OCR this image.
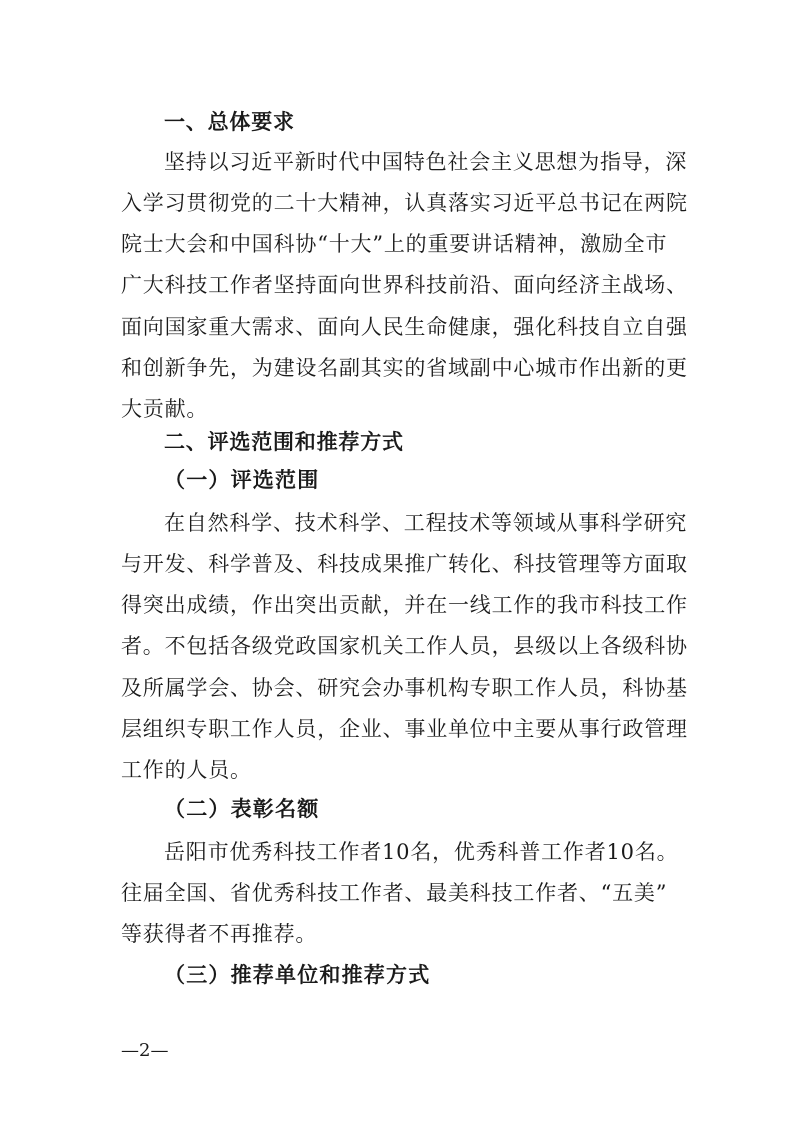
一、总体要求
坚持以习近平新时代中国特色社会主义思想为指导，深
入学习贯彻党的二十大精神，认真落实习近平总书记在两院
院士大会和中国科协“十大”上的重要讲话精神，激励全市
广大科技工作者坚持面向世界科技前沿、面向经济主战场、
面向国家重大需求、面向人民生命健康，强化科技自立自强
和创新争先，为建设名副其实的省域副中心城市作出新的更
大贡献。
二、评选范围和推荐方式
（一）评选范围
在自然科学、技术科学、工程技术等领域从事科学研究
与开发、科学普及、科技成果推广转化、科技管理等方面取
得突出成绩，作出突出贡献，并在一线工作的我市科技工作
者。不包括各级党政国家机关工作人员，县级以上各级科协
及所属学会、协会、研究会办事机构专职工作人员，科协基
层组织专职工作人员，企业、事业单位中主要从事行政管理
工作的人员。
（二）表彰名额
岳阳市优秀科技工作者10名，优秀科普工作者10名。
往届全国、省优秀科技工作者、最美科技工作者、“五美”
等获得者不再推荐。
（三）推荐单位和推荐方式
—2—
